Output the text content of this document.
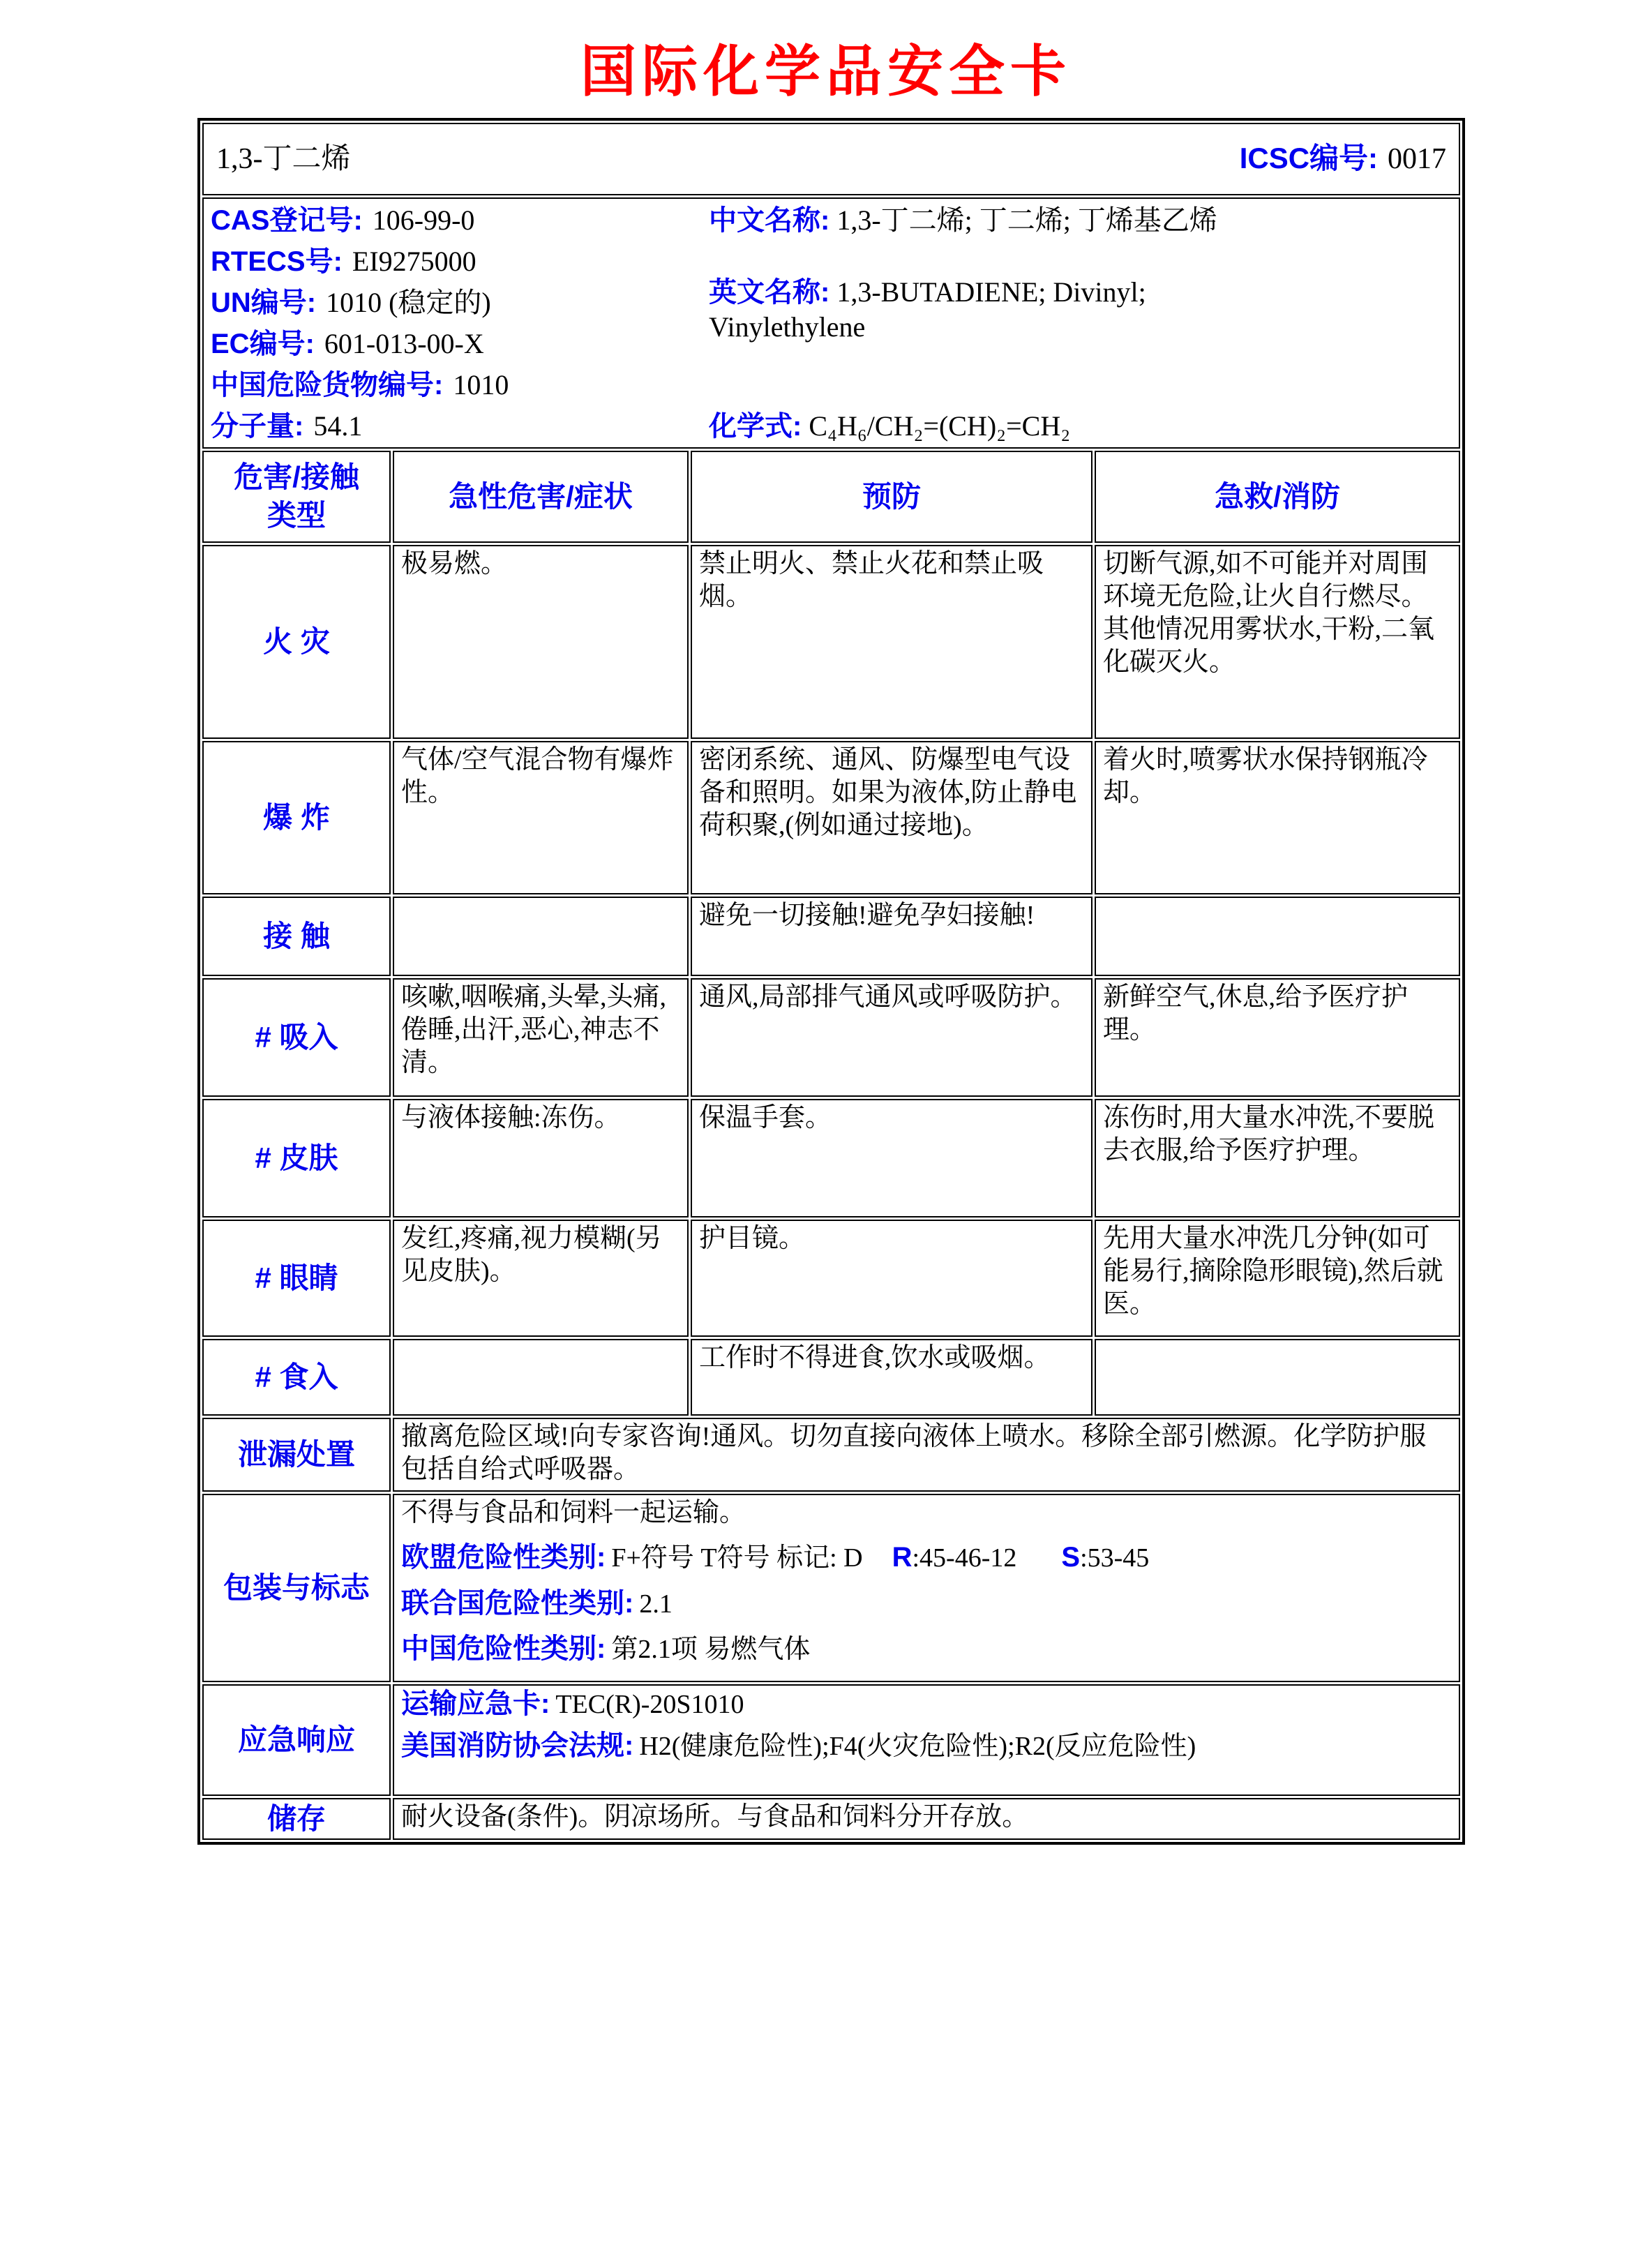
国际化学品安全卡
1,3-丁二烯 ICSC编号: 0017			

CAS登记号: 106-99-0
RTECS号: EI9275000
UN编号: 1010 (稳定的)
EC编号: 601-013-00-X
中国危险货物编号: 1010
分子量: 54.1
中文名称: 1,3-丁二烯; 丁二烯; 丁烯基乙烯
英文名称: 1,3-BUTADIENE; Divinyl; Vinylethylene
化学式: C₄H₆/CH₂=(CH)₂=CH₂

危害/接触
类型	急性危害/症状	预防	急救/消防
火 灾	极易燃。	禁止明火、禁止火花和禁止吸烟。	切断气源,如不可能并对周围环境无危险,让火自行燃尽。其他情况用雾状水,干粉,二氧化碳灭火。
爆 炸	气体/空气混合物有爆炸性。	密闭系统、通风、防爆型电气设备和照明。如果为液体,防止静电荷积聚,(例如通过接地)。	着火时,喷雾状水保持钢瓶冷却。
接 触		避免一切接触!避免孕妇接触!	
# 吸入	咳嗽,咽喉痛,头晕,头痛,倦睡,出汗,恶心,神志不清。	通风,局部排气通风或呼吸防护。	新鲜空气,休息,给予医疗护理。
# 皮肤	与液体接触:冻伤。	保温手套。	冻伤时,用大量水冲洗,不要脱去衣服,给予医疗护理。
# 眼睛	发红,疼痛,视力模糊(另见皮肤)。	护目镜。	先用大量水冲洗几分钟(如可能易行,摘除隐形眼镜),然后就医。
# 食入		工作时不得进食,饮水或吸烟。	
泄漏处置	撤离危险区域!向专家咨询!通风。切勿直接向液体上喷水。移除全部引燃源。化学防护服包括自给式呼吸器。		
包装与标志	不得与食品和饲料一起运输。
欧盟危险性类别: F+符号 T符号 标记: D R:45-46-12 S:53-45
联合国危险性类别: 2.1
中国危险性类别: 第2.1项 易燃气体		

应急响应	运输应急卡: TEC(R)-20S1010
美国消防协会法规: H2(健康危险性);F4(火灾危险性);R2(反应危险性)		

储存	耐火设备(条件)。阴凉场所。与食品和饲料分开存放。		
